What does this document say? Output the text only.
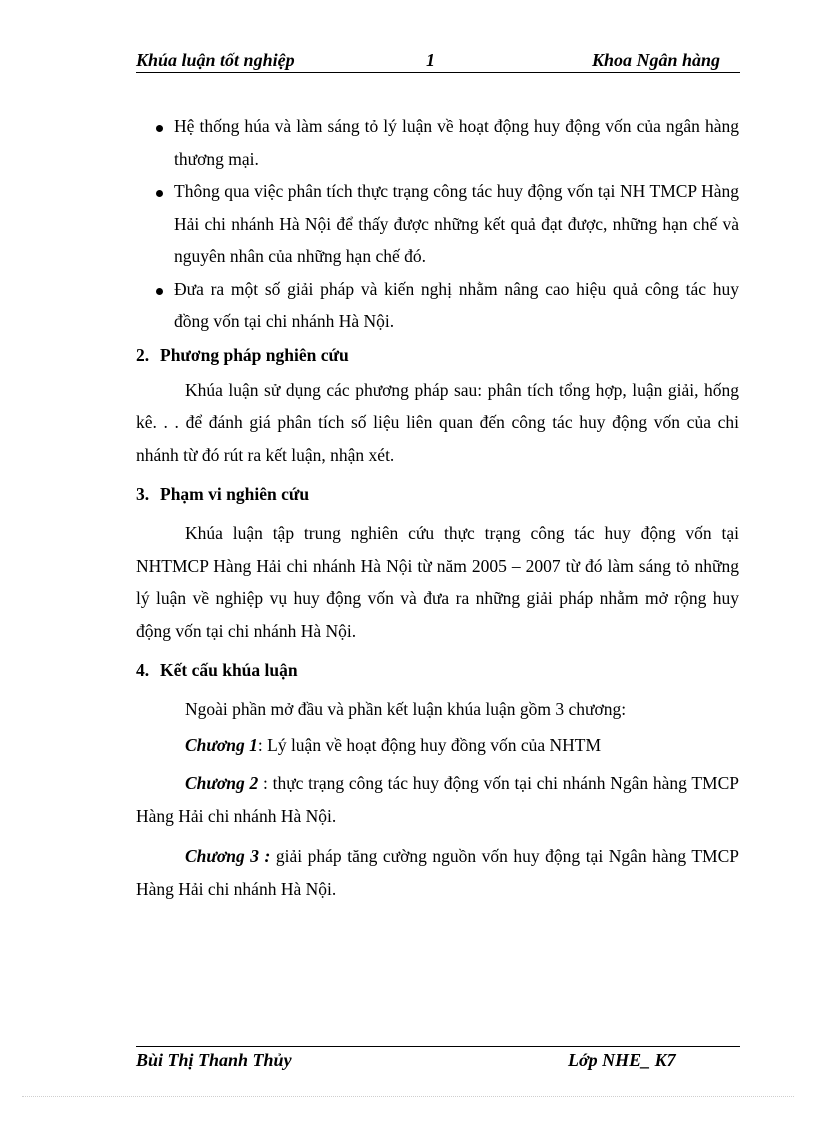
Khúa luận tốt nghiệp	1	Khoa Ngân hàng
Hệ thống húa và làm sáng tỏ lý luận về hoạt động huy động vốn của ngân hàng thương mại.
Thông qua việc phân tích thực trạng công tác huy động vốn tại NH TMCP Hàng Hải chi nhánh Hà Nội để thấy được những kết quả đạt được, những hạn chế và nguyên nhân của những hạn chế đó.
Đưa ra một số giải pháp và kiến nghị nhằm nâng cao hiệu quả công tác huy đồng vốn tại chi nhánh Hà Nội.
2. Phương pháp nghiên cứu
Khúa luận sử dụng các phương pháp sau: phân tích tổng hợp, luận giải, hống kê. . . để đánh giá phân tích số liệu liên quan đến công tác huy động vốn của chi nhánh từ đó rút ra kết luận, nhận xét.
3. Phạm vi nghiên cứu
Khúa luận tập trung nghiên cứu thực trạng công tác huy động vốn tại NHTMCP Hàng Hải chi nhánh Hà Nội từ năm 2005 – 2007 từ đó làm sáng tỏ những lý luận về nghiệp vụ huy động vốn và đưa ra những giải pháp nhằm mở rộng huy động vốn tại chi nhánh Hà Nội.
4. Kết cấu khúa luận
Ngoài phần mở đầu và phần kết luận khúa luận gồm 3 chương:
Chương 1: Lý luận về hoạt động huy đồng vốn của NHTM
Chương 2 : thực trạng công tác huy động vốn tại chi nhánh Ngân hàng TMCP Hàng Hải chi nhánh Hà Nội.
Chương 3 : giải pháp tăng cường nguồn vốn huy động tại Ngân hàng TMCP Hàng Hải chi nhánh Hà Nội.
Bùi Thị Thanh Thủy	Lớp NHE_ K7
